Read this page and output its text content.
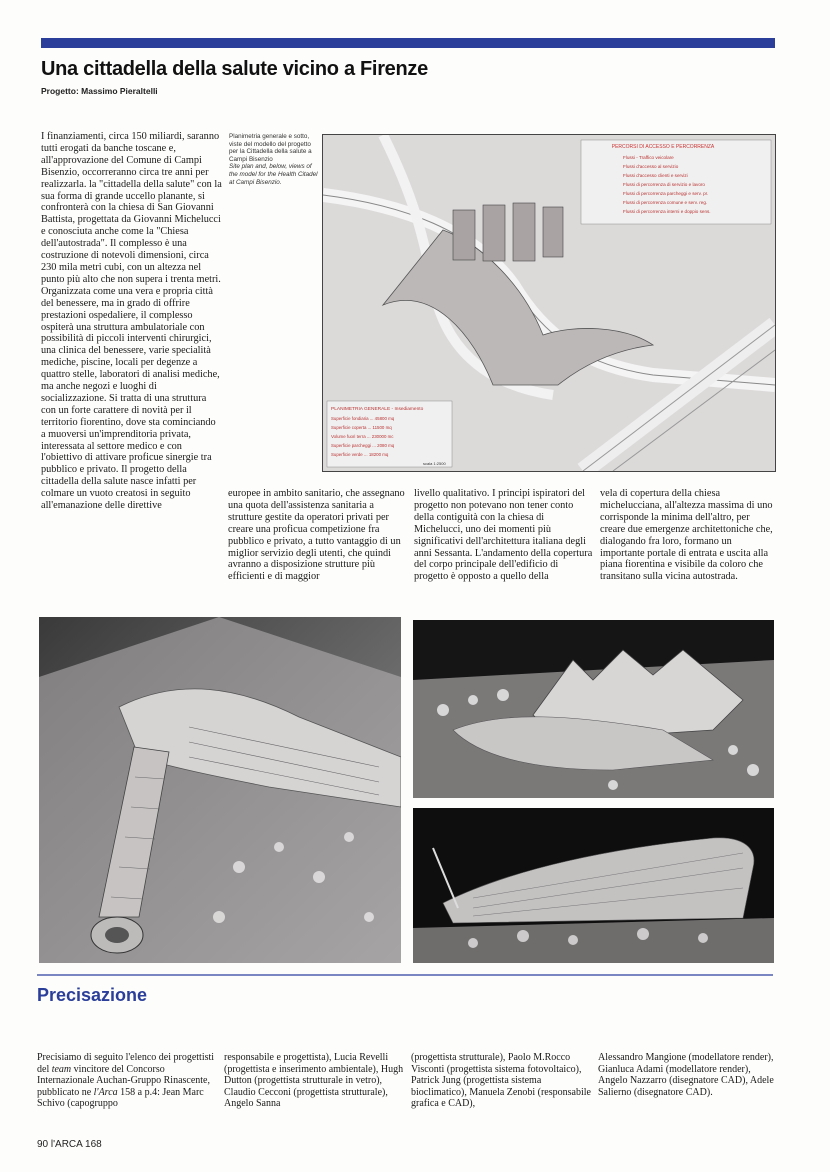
Una cittadella della salute vicino a Firenze
Progetto: Massimo Pieraltelli

I finanziamenti, circa 150 miliardi, saranno tutti erogati da banche toscane e, all'approvazione del Comune di Campi Bisenzio, occorreranno circa tre anni per realizzarla. la "cittadella della salute" con la sua forma di grande uccello planante, si confronterà con la chiesa di San Giovanni Battista, progettata da Giovanni Michelucci e conosciuta anche come la "Chiesa dell'autostrada". Il complesso è una costruzione di notevoli dimensioni, circa 230 mila metri cubi, con un altezza nel punto più alto che non supera i trenta metri. Organizzata come una vera e propria città del benessere, ma in grado di offrire prestazioni ospedaliere, il complesso ospiterà una struttura ambulatoriale con possibilità di piccoli interventi chirurgici, una clinica del benessere, varie specialità mediche, piscine, locali per degenze a quattro stelle, laboratori di analisi mediche, ma anche negozi e luoghi di socializzazione. Si tratta di una struttura con un forte carattere di novità per il territorio fiorentino, dove sta cominciando a muoversi un'imprenditoria privata, interessata al settore medico e con l'obiettivo di attivare proficue sinergie tra pubblico e privato. Il progetto della cittadella della salute nasce infatti per colmare un vuoto creatosi in seguito all'emanazione delle direttive

Planimetria generale e sotto, viste del modello del progetto per la Cittadella della salute a Campi Bisenzio
Site plan and, below, views of the model for the Health Citadel at Campi Bisenzio.
PERCORSI DI ACCESSO E PERCORRENZA
Flussi - Traffico veicolare
Flussi d'accesso al servizio
Flussi d'accesso clienti e servizi
Flussi di percorrenza di servizio e lavoro
Flussi di percorrenza parcheggi e serv. pr.
Flussi di percorrenza comune e serv. reg.
Flussi di percorrenza interni e doppio sens.
PLANIMETRIA GENERALE - Insediamento
Superficie fondiaria ... 45800 mq
Superficie coperta ... 11500 mq
Volume fuori terra ... 230000 mc
Superficie parcheggi ... 2080 mq
Superficie verde ... 18200 mq
scala 1:2500

europee in ambito sanitario, che assegnano una quota dell'assistenza sanitaria a strutture gestite da operatori privati per creare una proficua competizione fra pubblico e privato, a tutto vantaggio di un miglior servizio degli utenti, che quindi avranno a disposizione strutture più efficienti e di maggior

livello qualitativo. I principi ispiratori del progetto non potevano non tener conto della contiguità con la chiesa di Michelucci, uno dei momenti più significativi dell'architettura italiana degli anni Sessanta. L'andamento della copertura del corpo principale dell'edificio di progetto è opposto a quello della

vela di copertura della chiesa micheluccianа, all'altezza massima di uno corrisponde la minima dell'altro, per creare due emergenze architettoniche che, dialogando fra loro, formano un importante portale di entrata e uscita alla piana fiorentina e visibile da coloro che transitano sulla vicina autostrada.

Precisazione
Precisiamo di seguito l'elenco dei progettisti del team vincitore del Concorso Internazionale Auchan-Gruppo Rinascente, pubblicato ne l'Arca 158 a p.4: Jean Marc Schivo (capogruppo
responsabile e progettista), Lucia Revelli (progettista e inserimento ambientale), Hugh Dutton (progettista strutturale in vetro), Claudio Cecconi (progettista strutturale), Angelo Sanna
(progettista strutturale), Paolo M.Rocco Visconti (progettista sistema fotovoltaico), Patrick Jung (progettista sistema bioclimatico), Manuela Zenobi (responsabile grafica e CAD),
Alessandro Mangione (modellatore render), Gianluca Adami (modellatore render), Angelo Nazzarro (disegnatore CAD), Adele Salierno (disegnatore CAD).
90 l'ARCA 168
